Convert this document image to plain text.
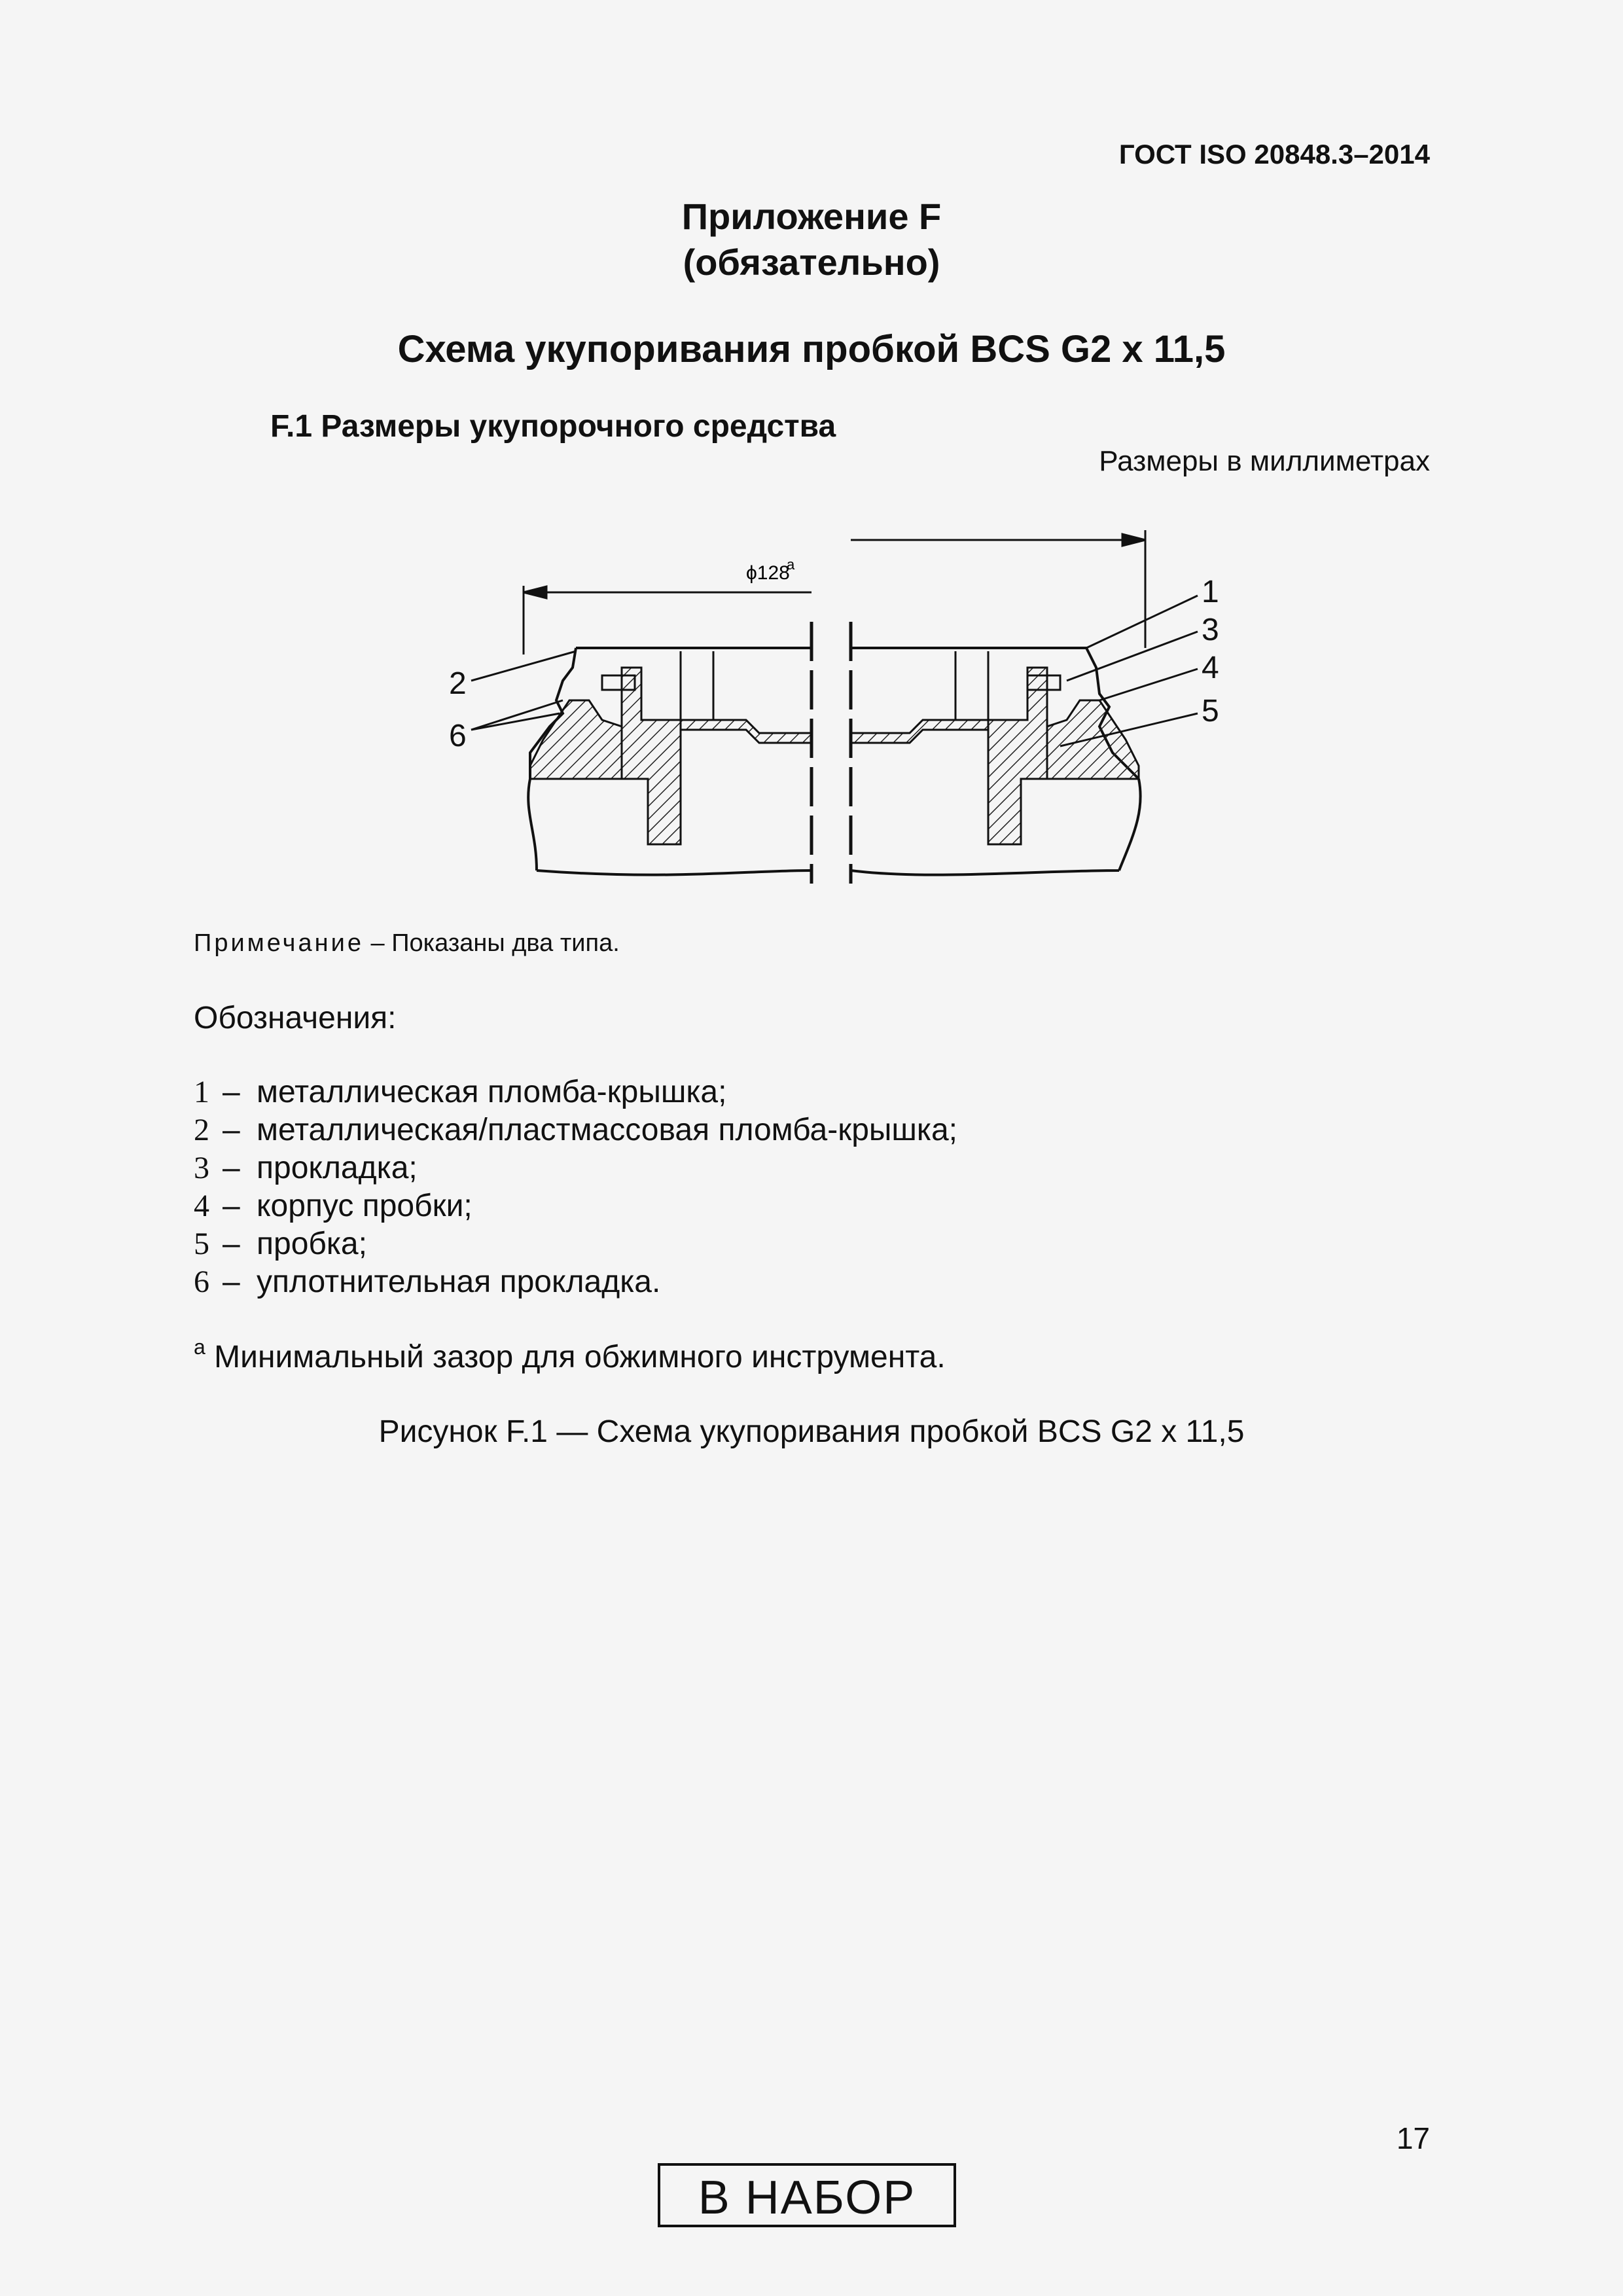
ГОСТ ISO 20848.3–2014
Приложение F
(обязательно)
Схема укупоривания пробкой BCS G2 x 11,5
F.1 Размеры укупорочного средства
Размеры в миллиметрах
ϕ128
a
1
2
3
4
5
6
Примечание – Показаны два типа.
Обозначения:
1 – металлическая пломба-крышка;
2 – металлическая/пластмассовая пломба-крышка;
3 – прокладка;
4 – корпус пробки;
5 – пробка;
6 – уплотнительная прокладка.
$^a$ Минимальный зазор для обжимного инструмента.
Рисунок F.1 — Схема укупоривания пробкой BCS G2 x 11,5
17
В НАБОР
